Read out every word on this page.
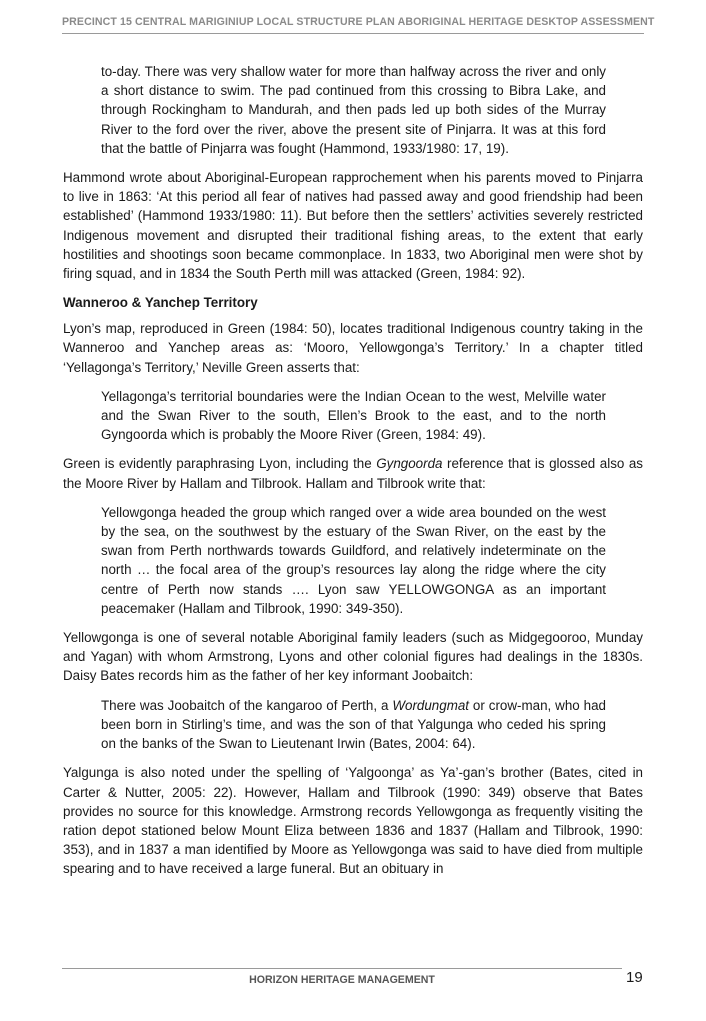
PRECINCT 15 CENTRAL MARIGINIUP LOCAL STRUCTURE PLAN ABORIGINAL HERITAGE DESKTOP ASSESSMENT

to-day. There was very shallow water for more than halfway across the river and only a short distance to swim. The pad continued from this crossing to Bibra Lake, and through Rockingham to Mandurah, and then pads led up both sides of the Murray River to the ford over the river, above the present site of Pinjarra. It was at this ford that the battle of Pinjarra was fought (Hammond, 1933/1980: 17, 19).

Hammond wrote about Aboriginal-European rapprochement when his parents moved to Pinjarra to live in 1863: ‘At this period all fear of natives had passed away and good friendship had been established’ (Hammond 1933/1980: 11). But before then the settlers’ activities severely restricted Indigenous movement and disrupted their traditional fishing areas, to the extent that early hostilities and shootings soon became commonplace. In 1833, two Aboriginal men were shot by firing squad, and in 1834 the South Perth mill was attacked (Green, 1984: 92).

Wanneroo & Yanchep Territory

Lyon’s map, reproduced in Green (1984: 50), locates traditional Indigenous country taking in the Wanneroo and Yanchep areas as: ‘Mooro, Yellowgonga’s Territory.’ In a chapter titled ‘Yellagonga’s Territory,’ Neville Green asserts that:

Yellagonga’s territorial boundaries were the Indian Ocean to the west, Melville water and the Swan River to the south, Ellen’s Brook to the east, and to the north Gyngoorda which is probably the Moore River (Green, 1984: 49).

Green is evidently paraphrasing Lyon, including the Gyngoorda reference that is glossed also as the Moore River by Hallam and Tilbrook. Hallam and Tilbrook write that:

Yellowgonga headed the group which ranged over a wide area bounded on the west by the sea, on the southwest by the estuary of the Swan River, on the east by the swan from Perth northwards towards Guildford, and relatively indeterminate on the north … the focal area of the group’s resources lay along the ridge where the city centre of Perth now stands …. Lyon saw YELLOWGONGA as an important peacemaker (Hallam and Tilbrook, 1990: 349-350).

Yellowgonga is one of several notable Aboriginal family leaders (such as Midgegooroo, Munday and Yagan) with whom Armstrong, Lyons and other colonial figures had dealings in the 1830s. Daisy Bates records him as the father of her key informant Joobaitch:

There was Joobaitch of the kangaroo of Perth, a Wordungmat or crow-man, who had been born in Stirling’s time, and was the son of that Yalgunga who ceded his spring on the banks of the Swan to Lieutenant Irwin (Bates, 2004: 64).

Yalgunga is also noted under the spelling of ‘Yalgoonga’ as Ya’-gan’s brother (Bates, cited in Carter & Nutter, 2005: 22). However, Hallam and Tilbrook (1990: 349) observe that Bates provides no source for this knowledge. Armstrong records Yellowgonga as frequently visiting the ration depot stationed below Mount Eliza between 1836 and 1837 (Hallam and Tilbrook, 1990: 353), and in 1837 a man identified by Moore as Yellowgonga was said to have died from multiple spearing and to have received a large funeral. But an obituary in

HORIZON HERITAGE MANAGEMENT	19
